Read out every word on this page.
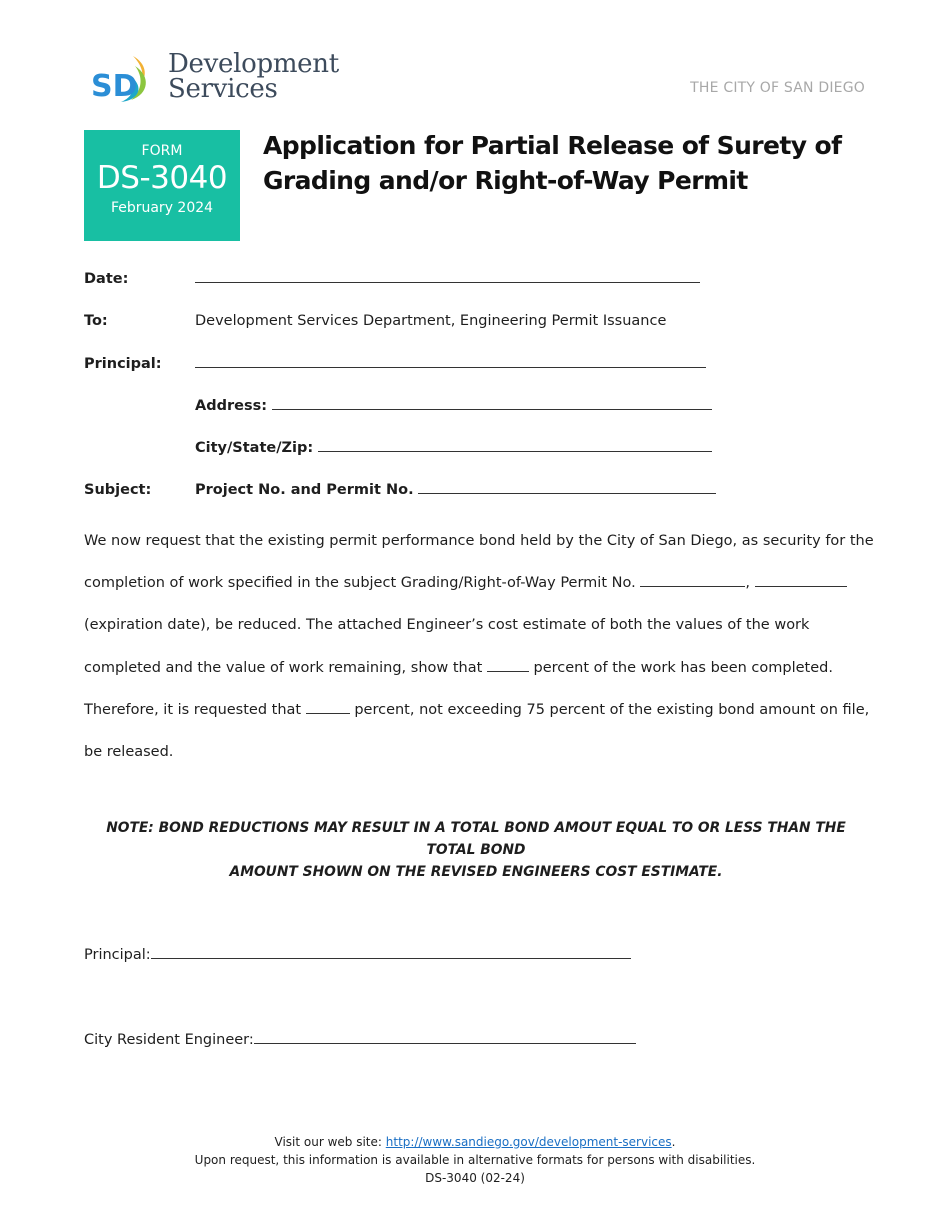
SD
Development
Services	THE CITY OF SAN DIEGO
FORM
DS-3040
February 2024
Application for Partial Release of Surety of
Grading and/or Right-of-Way Permit
Date:
To:	Development Services Department, Engineering Permit Issuance
Principal:
Address:
City/State/Zip:
Subject:	Project No. and Permit No.
We now request that the existing permit performance bond held by the City of San Diego, as security for the
completion of work specified in the subject Grading/Right-of-Way Permit No.	,
(expiration date), be reduced. The attached Engineer’s cost estimate of both the values of the work
completed and the value of work remaining, show that	percent of the work has been completed.
Therefore, it is requested that	percent, not exceeding 75 percent of the existing bond amount on file,
be released.
NOTE: BOND REDUCTIONS MAY RESULT IN A TOTAL BOND AMOUT EQUAL TO OR LESS THAN THE TOTAL BOND
AMOUNT SHOWN ON THE REVISED ENGINEERS COST ESTIMATE.
Principal:
City Resident Engineer:
Visit our web site: http://www.sandiego.gov/development-services.
Upon request, this information is available in alternative formats for persons with disabilities.
DS-3040 (02-24)
